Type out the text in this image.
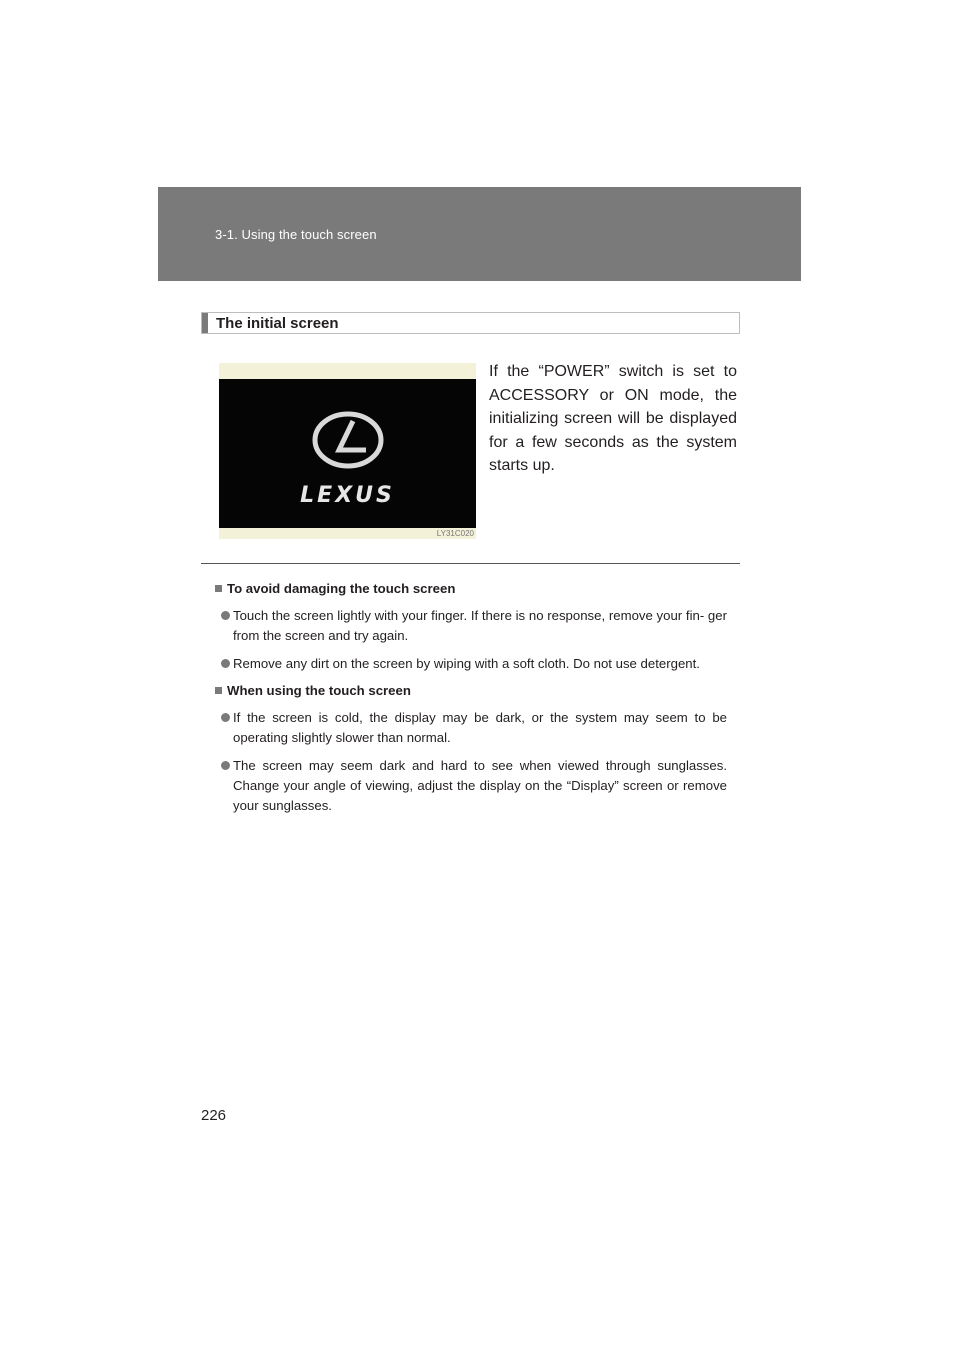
3-1. Using the touch screen
The initial screen
LEXUS
LY31C020

If the “POWER” switch is set to ACCESSORY or ON mode, the initializing screen will be displayed for a few seconds as the system starts up.

To avoid damaging the touch screen
Touch the screen lightly with your finger. If there is no response, remove your fin- ger from the screen and try again.
Remove any dirt on the screen by wiping with a soft cloth. Do not use detergent.
When using the touch screen
If the screen is cold, the display may be dark, or the system may seem to be operating slightly slower than normal.
The screen may seem dark and hard to see when viewed through sunglasses. Change your angle of viewing, adjust the display on the “Display” screen or remove your sunglasses.
226
